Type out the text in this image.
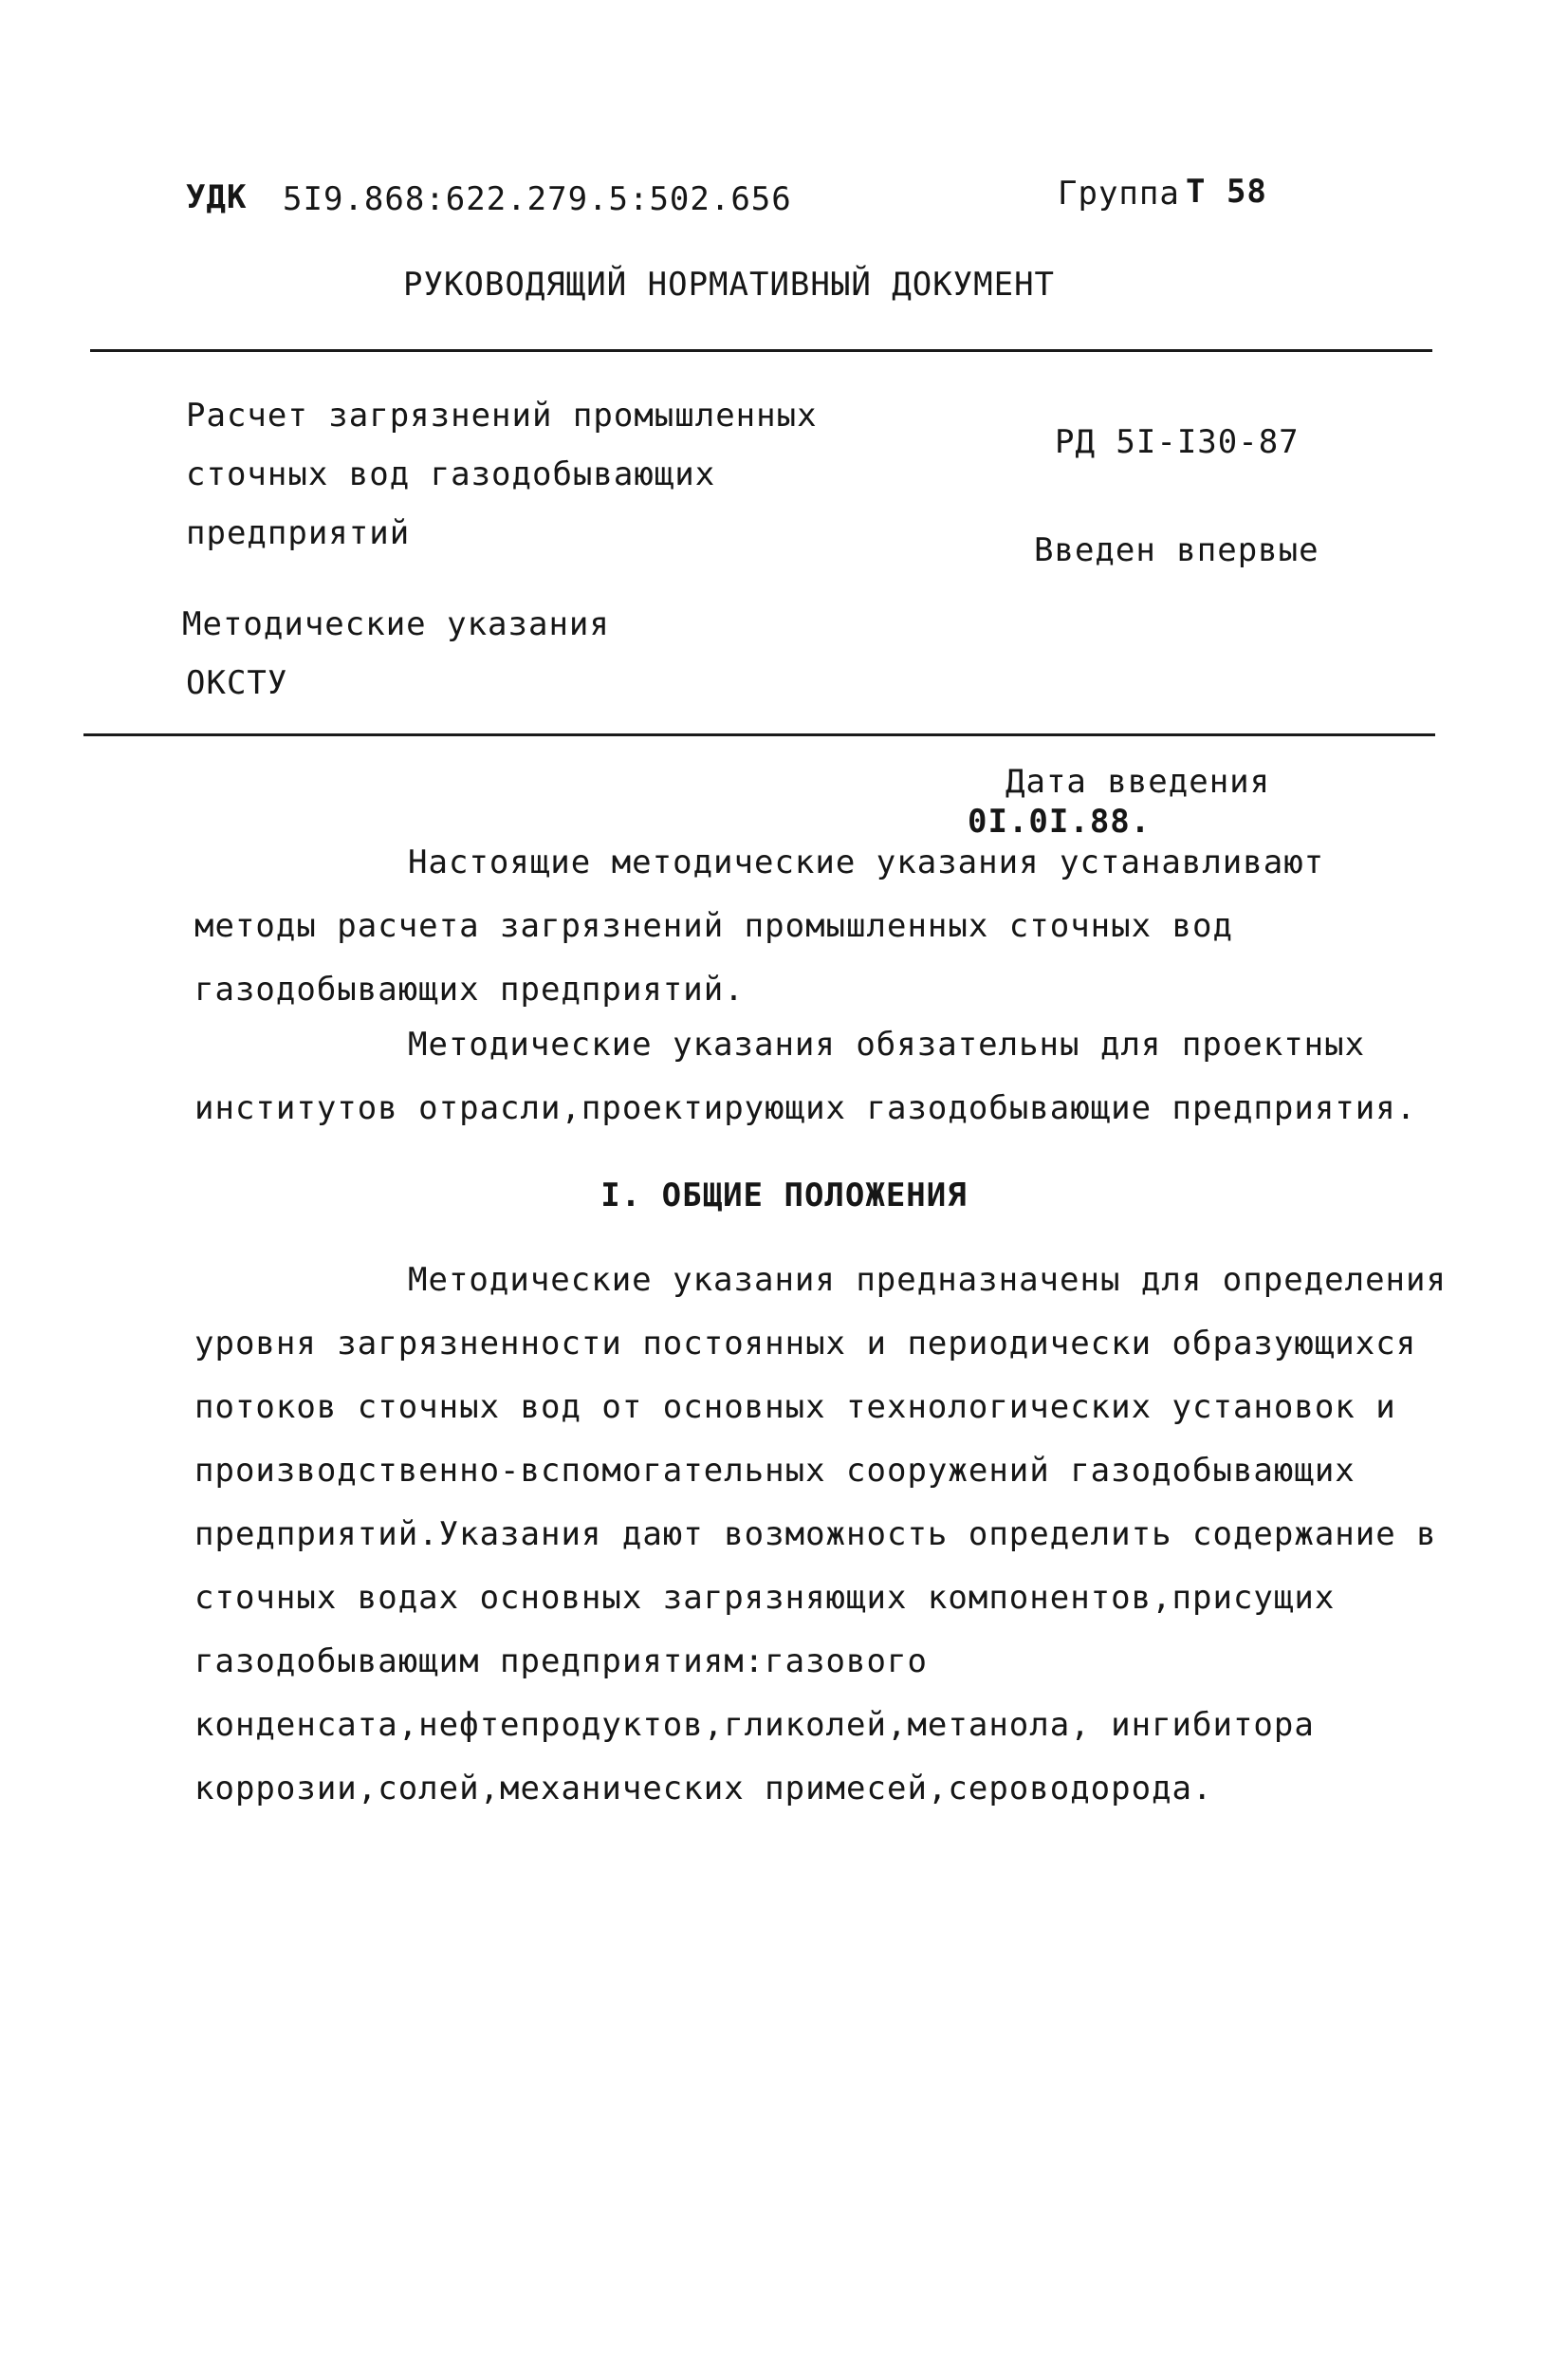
УДК 5I9.868:622.279.5:502.656	Группа Т 58
РУКОВОДЯЩИЙ НОРМАТИВНЫЙ ДОКУМЕНТ
Расчет загрязнений промышленных
сточных вод газодобывающих
предприятий
РД 5I-I30-87
Введен впервые
Методические указания
ОКСТУ
Дата введения
0I.0I.88.
Настоящие методические указания устанавливают методы расчета загрязнений промышленных сточных вод газодобывающих предприятий.
Методические указания обязательны для проектных институтов отрасли,проектирующих газодобывающие предприятия.
I. ОБЩИЕ ПОЛОЖЕНИЯ
Методические указания предназначены для определения уровня загрязненности постоянных и периодически образующихся потоков сточных вод от основных технологических установок и производственно-вспомогательных сооружений газодобывающих предприятий.Указания дают возможность определить содержание в сточных водах основных загрязняющих компонентов,присущих газодобывающим предприятиям:газового конденсата,нефтепродуктов,гликолей,метанола, ингибитора коррозии,солей,механических примесей,сероводорода.
